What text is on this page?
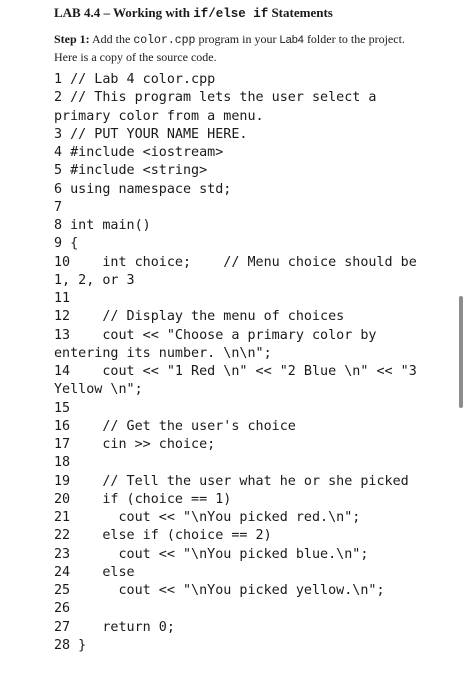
LAB 4.4 – Working with if/else if Statements
Step 1: Add the color.cpp program in your Lab4 folder to the project. Here is a copy of the source code.
1 // Lab 4 color.cpp
2 // This program lets the user select a primary color from a menu.
3 // PUT YOUR NAME HERE.
4 #include <iostream>
5 #include <string>
6 using namespace std;
7
8 int main()
9 {
10    int choice;    // Menu choice should be 1, 2, or 3
11
12    // Display the menu of choices
13    cout << "Choose a primary color by entering its number. \n\n";
14    cout << "1 Red \n" << "2 Blue \n" << "3 Yellow \n";
15
16    // Get the user's choice
17    cin >> choice;
18
19    // Tell the user what he or she picked
20    if (choice == 1)
21      cout << "\nYou picked red.\n";
22    else if (choice == 2)
23      cout << "\nYou picked blue.\n";
24    else
25      cout << "\nYou picked yellow.\n";
26
27    return 0;
28 }
